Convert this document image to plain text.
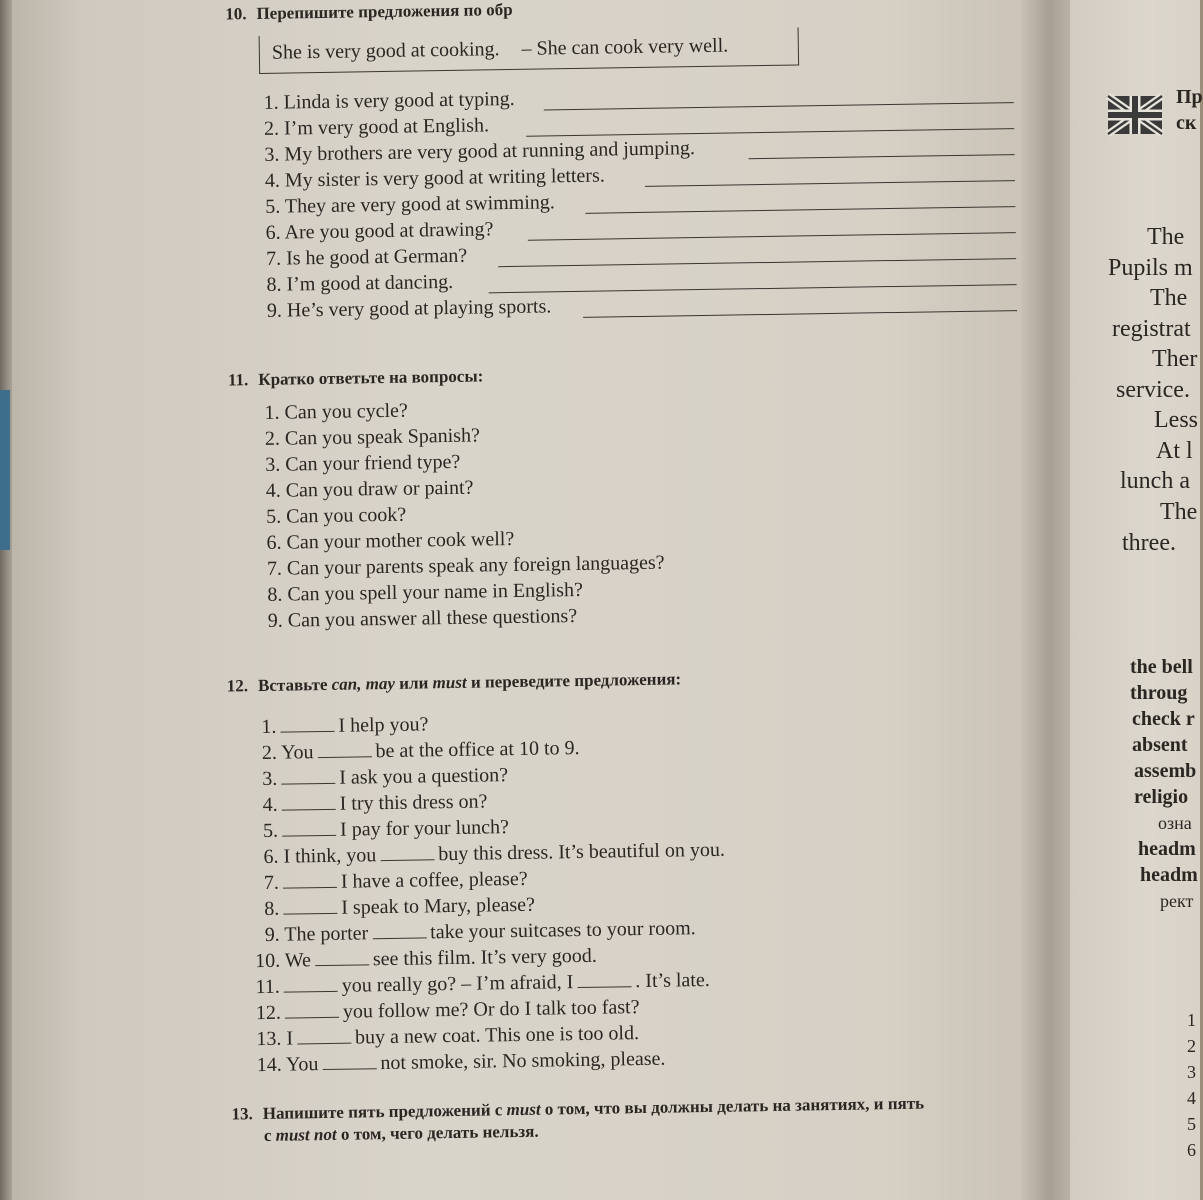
Пр
ск
The
Pupils m
The
registrat
Ther
service.
Less
At l
lunch a
The
three.
the bell
throug
check r
absent
assemb
religio
озна
headm
headm
рект
1
2
3
4
5
6
10. Перепишите предложения по обр
She is very good at cooking. – She can cook very well.
1. Linda is very good at typing.
2. I’m very good at English.
3. My brothers are very good at running and jumping.
4. My sister is very good at writing letters.
5. They are very good at swimming.
6. Are you good at drawing?
7. Is he good at German?
8. I’m good at dancing.
9. He’s very good at playing sports.
11. Кратко ответьте на вопросы:
1. Can you cycle?
2. Can you speak Spanish?
3. Can your friend type?
4. Can you draw or paint?
5. Can you cook?
6. Can your mother cook well?
7. Can your parents speak any foreign languages?
8. Can you spell your name in English?
9. Can you answer all these questions?
12. Вставьте can, may или must и переведите предложения:
1.	I help you?
2. You	be at the office at 10 to 9.
3.	I ask you a question?
4.	I try this dress on?
5.	I pay for your lunch?
6. I think, you	buy this dress. It’s beautiful on you.
7.	I have a coffee, please?
8.	I speak to Mary, please?
9. The porter	take your suitcases to your room.
10. We	see this film. It’s very good.
11.	you really go? – I’m afraid, I	. It’s late.
12.	you follow me? Or do I talk too fast?
13. I	buy a new coat. This one is too old.
14. You	not smoke, sir. No smoking, please.
13. Напишите пять предложений с must о том, что вы должны делать на занятиях, и пять
с must not о том, чего делать нельзя.
